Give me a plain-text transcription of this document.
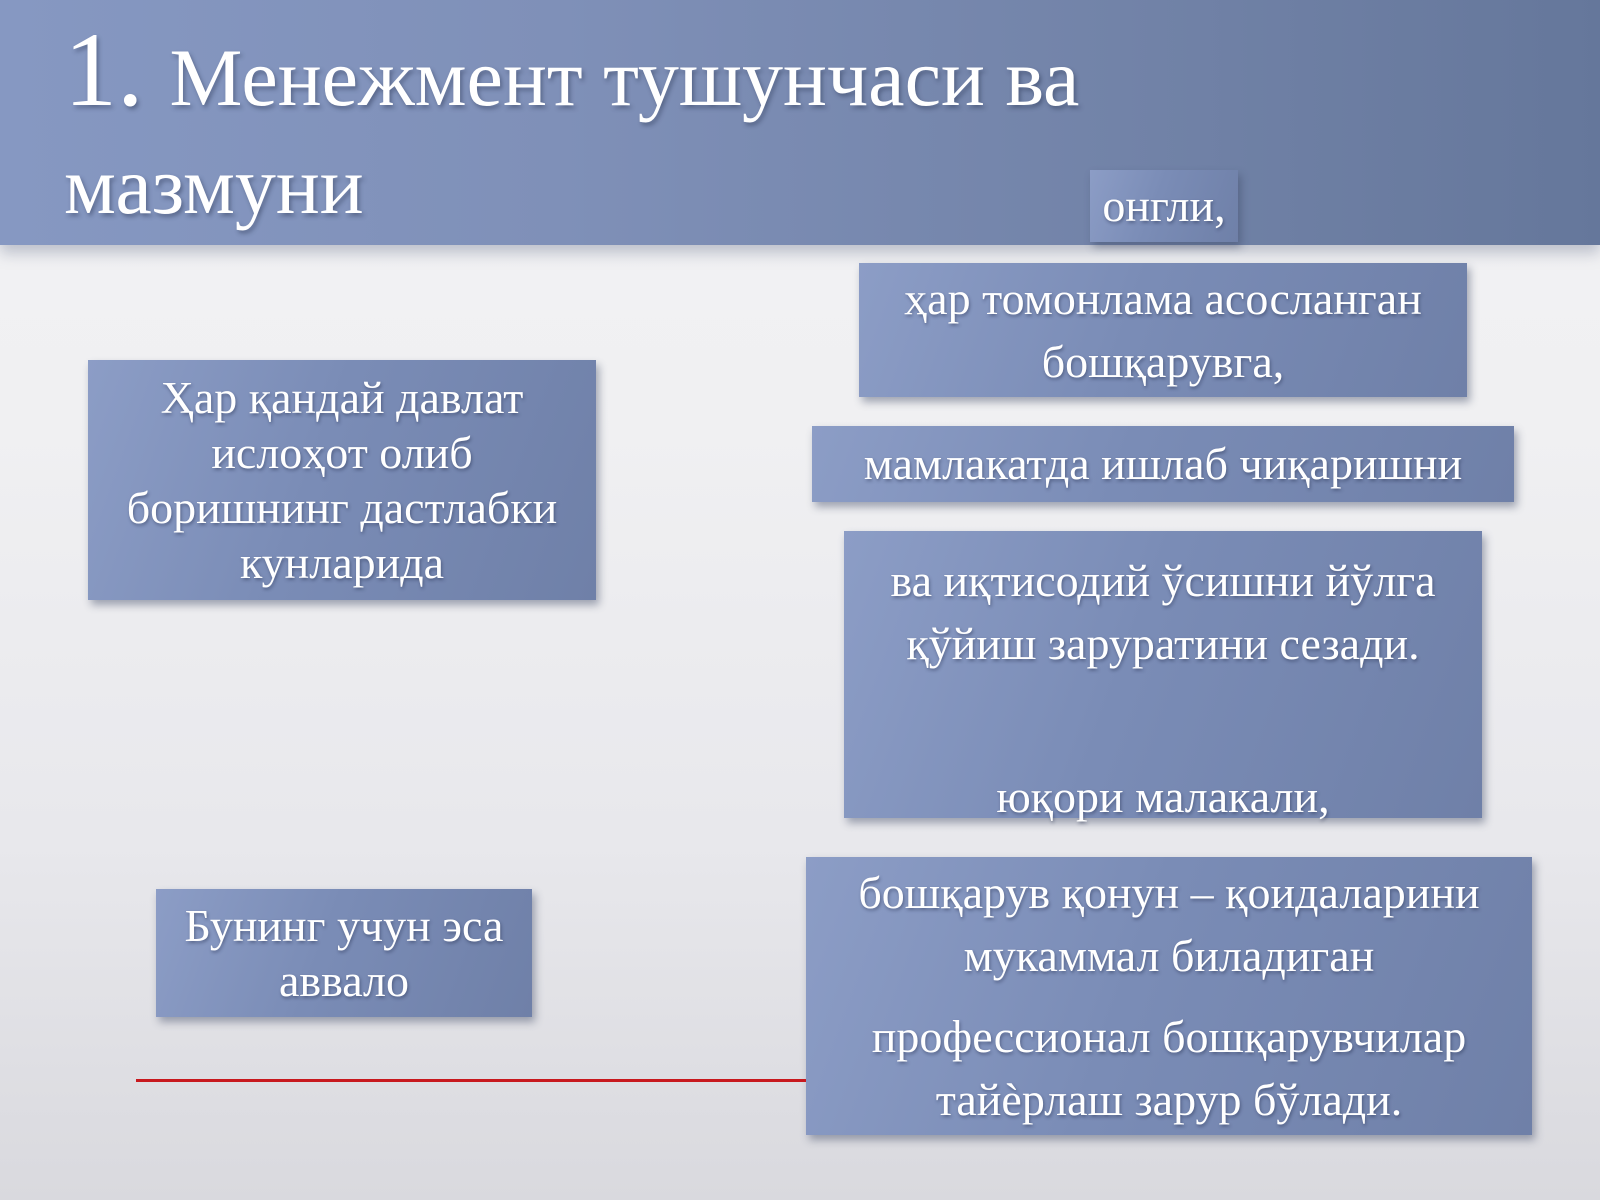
1. Менежмент тушунчаси ва
мазмуни
Ҳар қандай давлат
ислоҳот олиб
боришнинг дастлабки
кунларида
Бунинг учун эса
аввало
онгли,
ҳар томонлама асосланган
бошқарувга,
мамлакатда ишлаб чиқаришни
ва иқтисодий ўсишни йўлга
қўйиш заруратини сезади.
юқори малакали,
бошқарув қонун – қоидаларини
мукаммал биладиган
профессионал бошқарувчилар
тайѐрлаш зарур бўлади.
